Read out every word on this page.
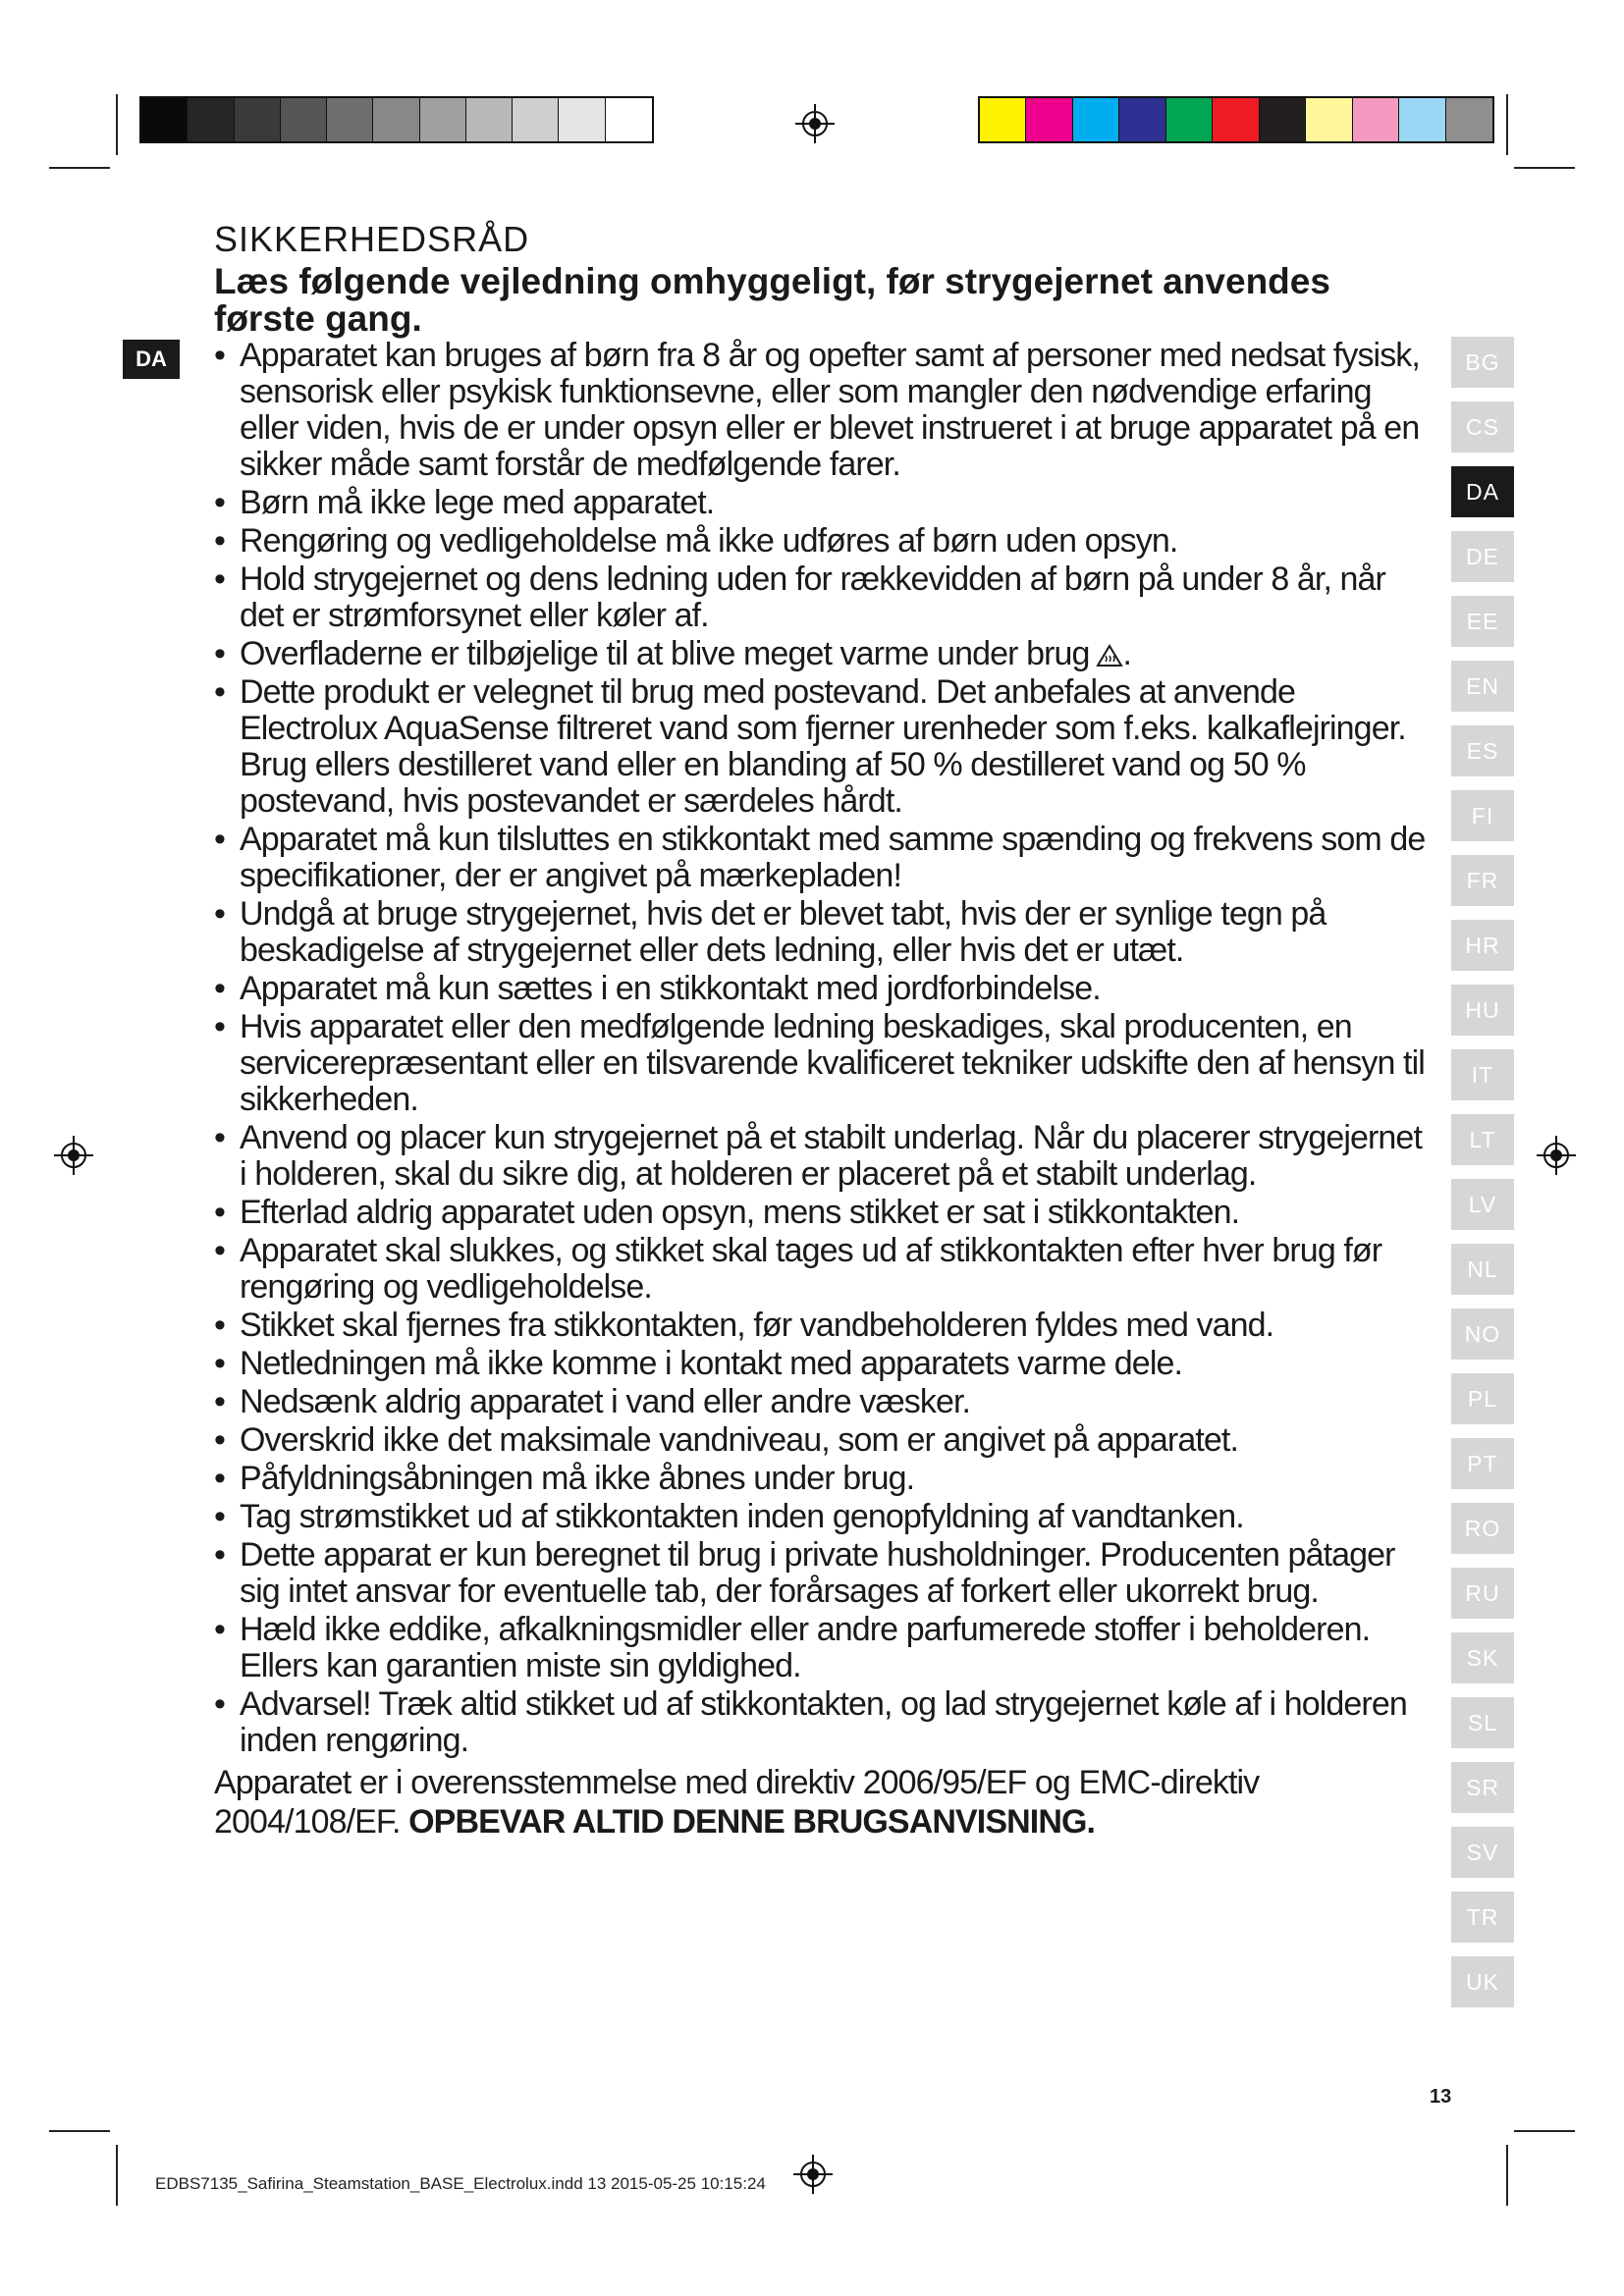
DA
SIKKERHEDSRÅD

Læs følgende vejledning omhyggeligt, før strygejernet anvendes første gang.

• Apparatet kan bruges af børn fra 8 år og opefter samt af personer med nedsat fysisk, sensorisk eller psykisk funktionsevne, eller som mangler den nødvendige erfaring eller viden, hvis de er under opsyn eller er blevet instrueret i at bruge apparatet på en sikker måde samt forstår de medfølgende farer.
• Børn må ikke lege med apparatet.
• Rengøring og vedligeholdelse må ikke udføres af børn uden opsyn.
• Hold strygejernet og dens ledning uden for rækkevidden af børn på under 8 år, når det er strømforsynet eller køler af.
• Overfladerne er tilbøjelige til at blive meget varme under brug .
• Dette produkt er velegnet til brug med postevand. Det anbefales at anvende Electrolux AquaSense filtreret vand som fjerner urenheder som f.eks. kalkaflejringer. Brug ellers destilleret vand eller en blanding af 50 % destilleret vand og 50 % postevand, hvis postevandet er særdeles hårdt.
• Apparatet må kun tilsluttes en stikkontakt med samme spænding og frekvens som de specifikationer, der er angivet på mærkepladen!
• Undgå at bruge strygejernet, hvis det er blevet tabt, hvis der er synlige tegn på beskadigelse af strygejernet eller dets ledning, eller hvis det er utæt.
• Apparatet må kun sættes i en stikkontakt med jordforbindelse.
• Hvis apparatet eller den medfølgende ledning beskadiges, skal producenten, en servicerepræsentant eller en tilsvarende kvalificeret tekniker udskifte den af hensyn til sikkerheden.
• Anvend og placer kun strygejernet på et stabilt underlag. Når du placerer strygejernet i holderen, skal du sikre dig, at holderen er placeret på et stabilt underlag.
• Efterlad aldrig apparatet uden opsyn, mens stikket er sat i stikkontakten.
• Apparatet skal slukkes, og stikket skal tages ud af stikkontakten efter hver brug før rengøring og vedligeholdelse.
• Stikket skal fjernes fra stikkontakten, før vandbeholderen fyldes med vand.
• Netledningen må ikke komme i kontakt med apparatets varme dele.
• Nedsænk aldrig apparatet i vand eller andre væsker.
• Overskrid ikke det maksimale vandniveau, som er angivet på apparatet.
• Påfyldningsåbningen må ikke åbnes under brug.
• Tag strømstikket ud af stikkontakten inden genopfyldning af vandtanken.
• Dette apparat er kun beregnet til brug i private husholdninger. Producenten påtager sig intet ansvar for eventuelle tab, der forårsages af forkert eller ukorrekt brug.
• Hæld ikke eddike, afkalkningsmidler eller andre parfumerede stoffer i beholderen. Ellers kan garantien miste sin gyldighed.
• Advarsel! Træk altid stikket ud af stikkontakten, og lad strygejernet køle af i holderen inden rengøring.
Apparatet er i overensstemmelse med direktiv 2006/95/EF og EMC-direktiv 2004/108/EF. OPBEVAR ALTID DENNE BRUGSANVISNING.
BG
CS
DA
DE
EE
EN
ES
FI
FR
HR
HU
IT
LT
LV
NL
NO
PL
PT
RO
RU
SK
SL
SR
SV
TR
UK
13
EDBS7135_Safirina_Steamstation_BASE_Electrolux.indd 13 2015-05-25 10:15:24
